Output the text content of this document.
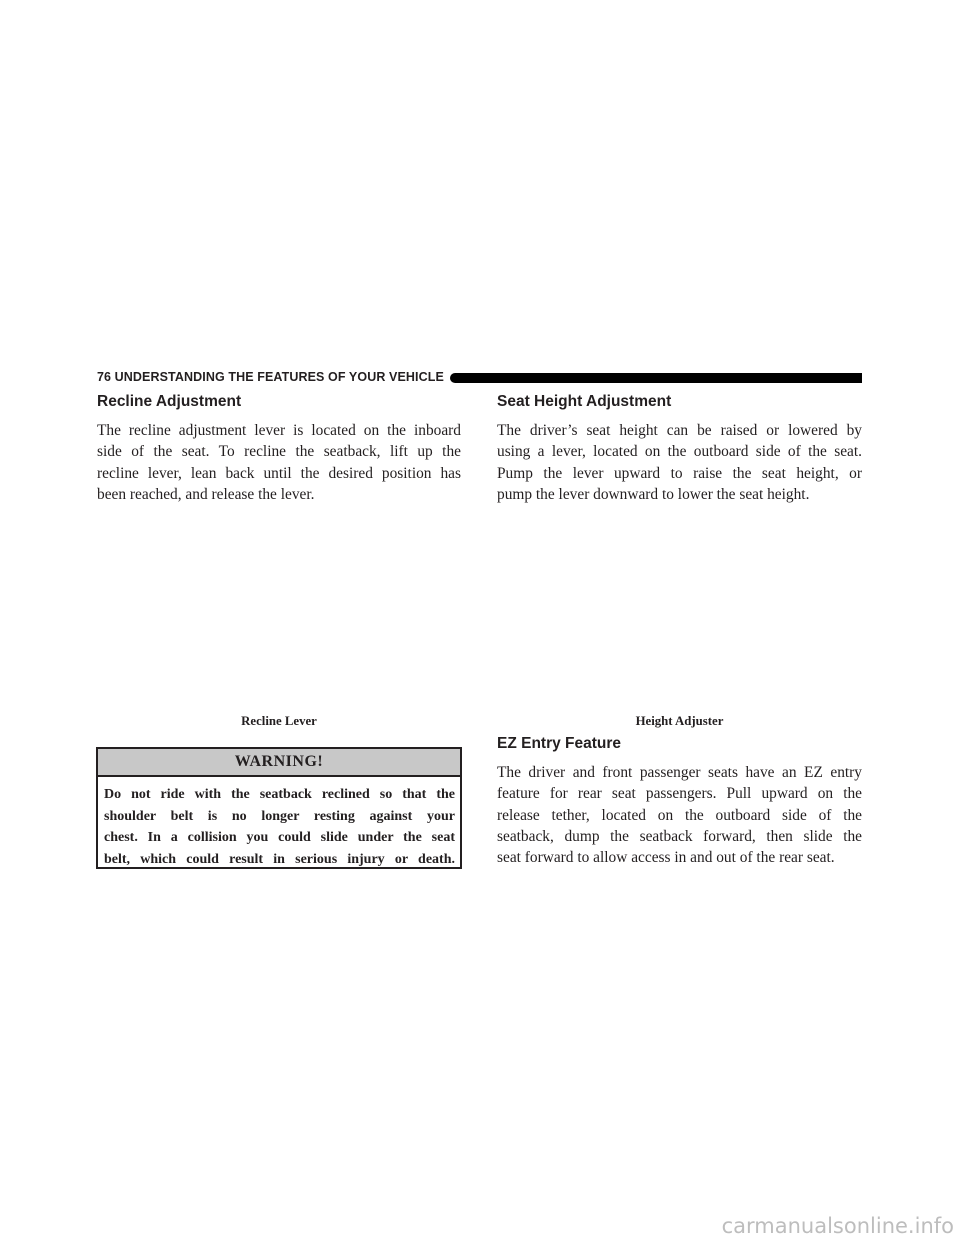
76 UNDERSTANDING THE FEATURES OF YOUR VEHICLE
Recline Adjustment
The recline adjustment lever is located on the inboard
side of the seat. To recline the seatback, lift up the
recline lever, lean back until the desired position has
been reached, and release the lever.
Recline Lever
WARNING!
Do not ride with the seatback reclined so that the
shoulder belt is no longer resting against your
chest. In a collision you could slide under the seat
belt, which could result in serious injury or death.
Seat Height Adjustment
The driver’s seat height can be raised or lowered by
using a lever, located on the outboard side of the seat.
Pump the lever upward to raise the seat height, or
pump the lever downward to lower the seat height.
Height Adjuster
EZ Entry Feature
The driver and front passenger seats have an EZ entry
feature for rear seat passengers. Pull upward on the
release tether, located on the outboard side of the
seatback, dump the seatback forward, then slide the
seat forward to allow access in and out of the rear seat.
carmanualsonline.info
